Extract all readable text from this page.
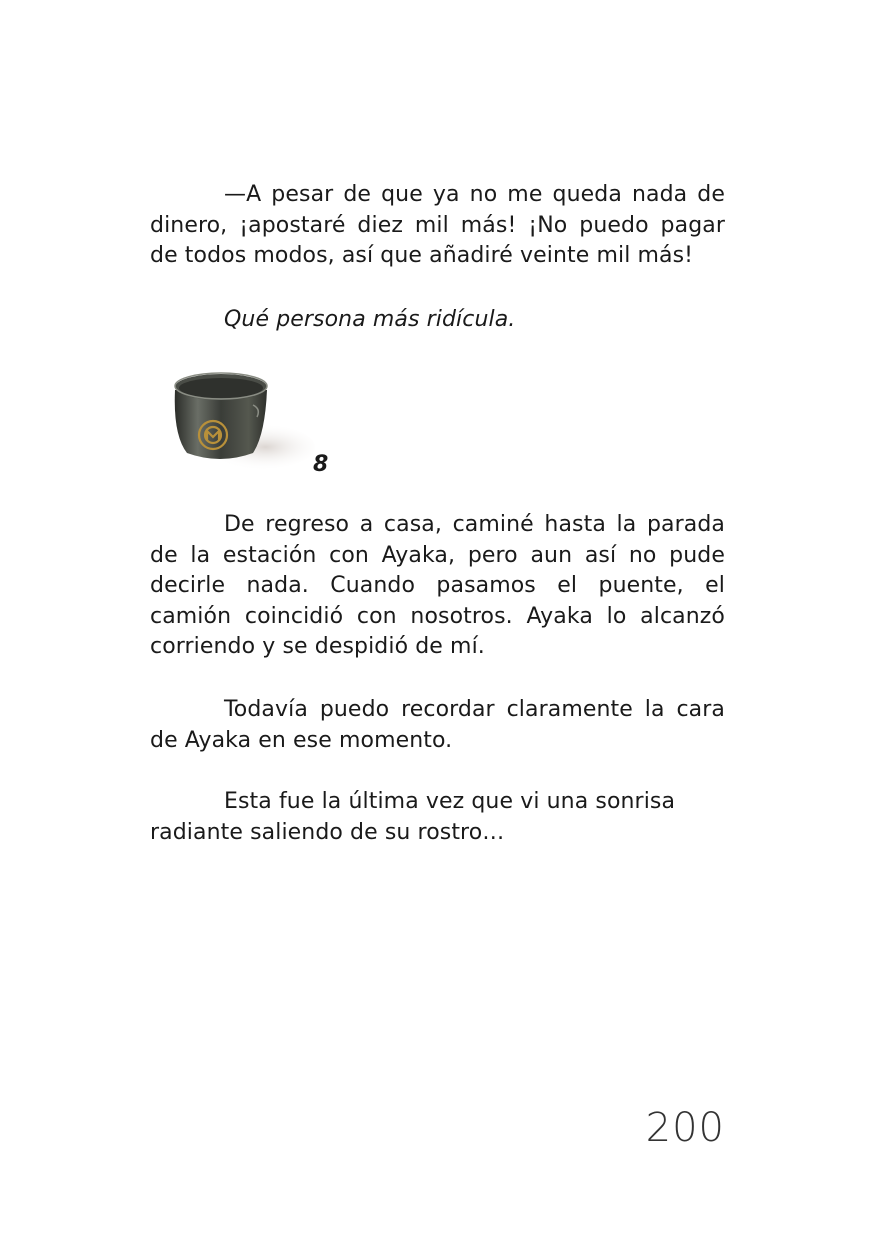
—A pesar de que ya no me queda nada de dinero, ¡apostaré diez mil más! ¡No puedo pagar de todos modos, así que añadiré veinte mil más!

Qué persona más ridícula.

8

De regreso a casa, caminé hasta la parada de la estación con Ayaka, pero aun así no pude decirle nada. Cuando pasamos el puente, el camión coincidió con nosotros. Ayaka lo alcanzó corriendo y se despidió de mí.

Todavía puedo recordar claramente la cara de Ayaka en ese momento.

Esta fue la última vez que vi una sonrisa radiante saliendo de su rostro…

200
